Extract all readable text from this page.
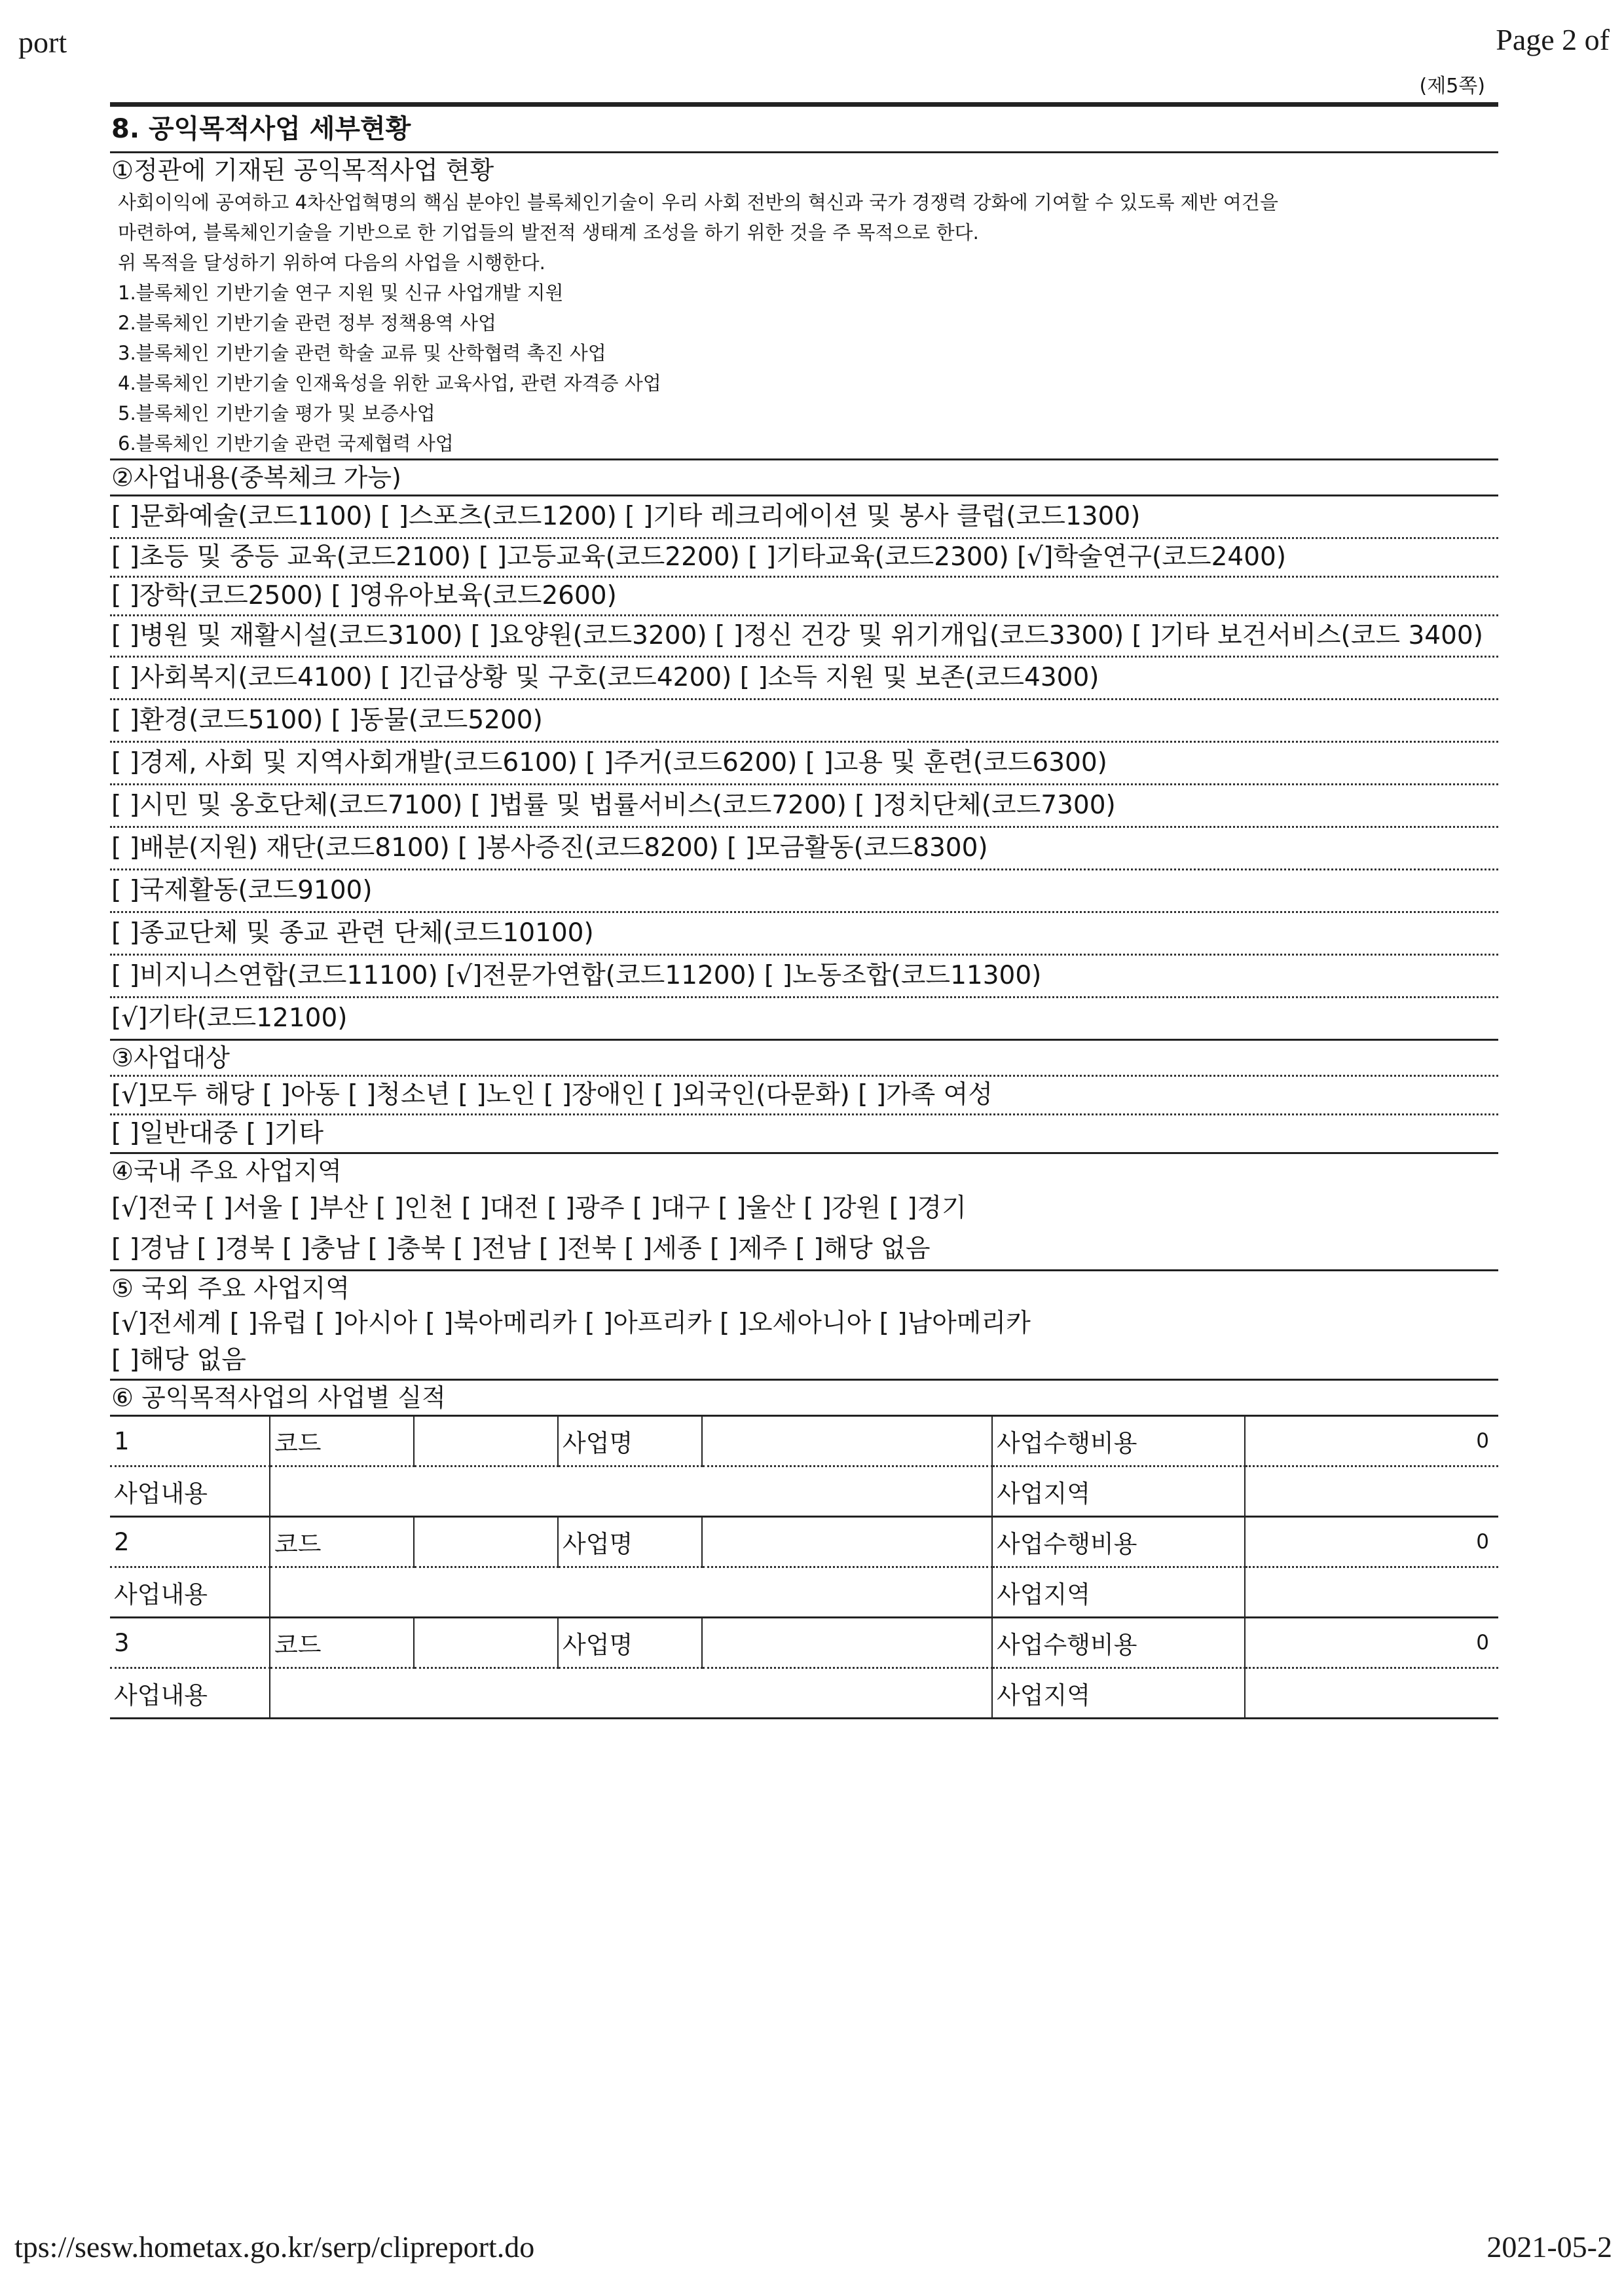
port	Page 2 of
(제5쪽)
8. 공익목적사업 세부현황
①정관에 기재된 공익목적사업 현황
사회이익에 공여하고 4차산업혁명의 핵심 분야인 블록체인기술이 우리 사회 전반의 혁신과 국가 경쟁력 강화에 기여할 수 있도록 제반 여건을
마련하여, 블록체인기술을 기반으로 한 기업들의 발전적 생태계 조성을 하기 위한 것을 주 목적으로 한다.
위 목적을 달성하기 위하여 다음의 사업을 시행한다.
1.블록체인 기반기술 연구 지원 및 신규 사업개발 지원
2.블록체인 기반기술 관련 정부 정책용역 사업
3.블록체인 기반기술 관련 학술 교류 및 산학협력 촉진 사업
4.블록체인 기반기술 인재육성을 위한 교육사업, 관련 자격증 사업
5.블록체인 기반기술 평가 및 보증사업
6.블록체인 기반기술 관련 국제협력 사업
②사업내용(중복체크 가능)
[ ]문화예술(코드1100) [ ]스포츠(코드1200) [ ]기타 레크리에이션 및 봉사 클럽(코드1300)
[ ]초등 및 중등 교육(코드2100) [ ]고등교육(코드2200) [ ]기타교육(코드2300) [√]학술연구(코드2400)
[ ]장학(코드2500) [ ]영유아보육(코드2600)
[ ]병원 및 재활시설(코드3100) [ ]요양원(코드3200) [ ]정신 건강 및 위기개입(코드3300) [ ]기타 보건서비스(코드 3400)
[ ]사회복지(코드4100) [ ]긴급상황 및 구호(코드4200) [ ]소득 지원 및 보존(코드4300)
[ ]환경(코드5100) [ ]동물(코드5200)
[ ]경제, 사회 및 지역사회개발(코드6100) [ ]주거(코드6200) [ ]고용 및 훈련(코드6300)
[ ]시민 및 옹호단체(코드7100) [ ]법률 및 법률서비스(코드7200) [ ]정치단체(코드7300)
[ ]배분(지원) 재단(코드8100) [ ]봉사증진(코드8200) [ ]모금활동(코드8300)
[ ]국제활동(코드9100)
[ ]종교단체 및 종교 관련 단체(코드10100)
[ ]비지니스연합(코드11100) [√]전문가연합(코드11200) [ ]노동조합(코드11300)
[√]기타(코드12100)
③사업대상
[√]모두 해당 [ ]아동 [ ]청소년 [ ]노인 [ ]장애인 [ ]외국인(다문화) [ ]가족 여성
[ ]일반대중 [ ]기타
④국내 주요 사업지역
[√]전국 [ ]서울 [ ]부산 [ ]인천 [ ]대전 [ ]광주 [ ]대구 [ ]울산 [ ]강원 [ ]경기
[ ]경남 [ ]경북 [ ]충남 [ ]충북 [ ]전남 [ ]전북 [ ]세종 [ ]제주 [ ]해당 없음
⑤ 국외 주요 사업지역
[√]전세계 [ ]유럽 [ ]아시아 [ ]북아메리카 [ ]아프리카 [ ]오세아니아 [ ]남아메리카
[ ]해당 없음
⑥ 공익목적사업의 사업별 실적
1	코드		사업명		사업수행비용	0
사업내용					사업지역	
2	코드		사업명		사업수행비용	0
사업내용					사업지역	
3	코드		사업명		사업수행비용	0
사업내용					사업지역	
tps://sesw.hometax.go.kr/serp/clipreport.do	2021-05-2
